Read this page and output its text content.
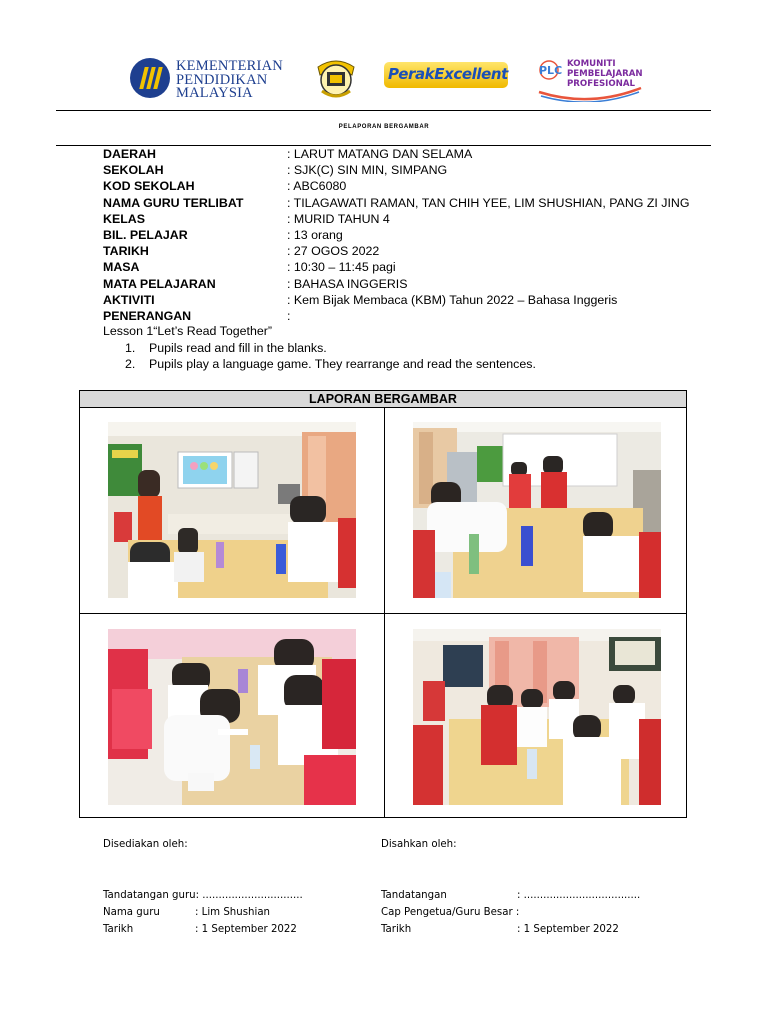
KEMENTERIAN
PENDIDIKAN
MALAYSIA
PerakExcellent	PLC KOMUNITI
PEMBELAJARAN
PROFESIONAL
PELAPORAN BERGAMBAR
DAERAH	: LARUT MATANG DAN SELAMA
SEKOLAH	: SJK(C) SIN MIN, SIMPANG
KOD SEKOLAH	: ABC6080
NAMA GURU TERLIBAT	: TILAGAWATI RAMAN, TAN CHIH YEE, LIM SHUSHIAN, PANG ZI JING
KELAS	: MURID TAHUN 4
BIL. PELAJAR	: 13 orang
TARIKH	: 27 OGOS 2022
MASA	: 10:30 – 11:45 pagi
MATA PELAJARAN	: BAHASA INGGERIS
AKTIVITI	: Kem Bijak Membaca (KBM) Tahun 2022 – Bahasa Inggeris
PENERANGAN	:
Lesson 1“Let’s Read Together”
1. Pupils read and fill in the blanks.
2. Pupils play a language game. They rearrange and read the sentences.
LAPORAN BERGAMBAR
Disediakan oleh:	Disahkan oleh:
Tandatangan guru: ...............................
Nama guru	: Lim Shushian
Tarikh	: 1 September 2022
Tandatangan	: ....................................
Cap Pengetua/Guru Besar :
Tarikh	: 1 September 2022
